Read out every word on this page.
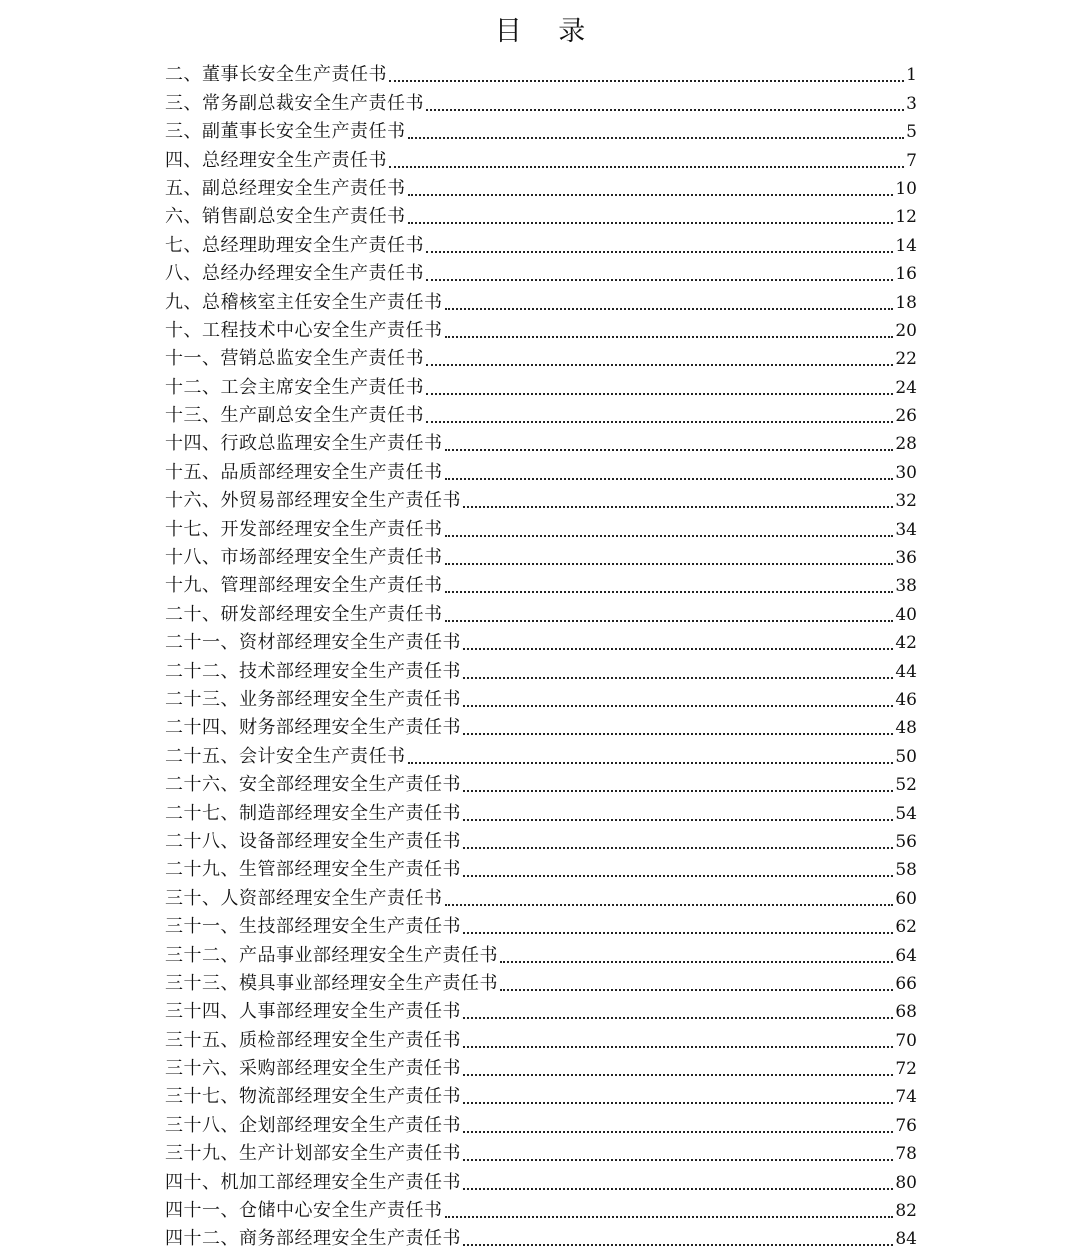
目 录
二、董事长安全生产责任书	1
三、常务副总裁安全生产责任书	3
三、副董事长安全生产责任书	5
四、总经理安全生产责任书	7
五、副总经理安全生产责任书	10
六、销售副总安全生产责任书	12
七、总经理助理安全生产责任书	14
八、总经办经理安全生产责任书	16
九、总稽核室主任安全生产责任书	18
十、工程技术中心安全生产责任书	20
十一、营销总监安全生产责任书	22
十二、工会主席安全生产责任书	24
十三、生产副总安全生产责任书	26
十四、行政总监理安全生产责任书	28
十五、品质部经理安全生产责任书	30
十六、外贸易部经理安全生产责任书	32
十七、开发部经理安全生产责任书	34
十八、市场部经理安全生产责任书	36
十九、管理部经理安全生产责任书	38
二十、研发部经理安全生产责任书	40
二十一、资材部经理安全生产责任书	42
二十二、技术部经理安全生产责任书	44
二十三、业务部经理安全生产责任书	46
二十四、财务部经理安全生产责任书	48
二十五、会计安全生产责任书	50
二十六、安全部经理安全生产责任书	52
二十七、制造部经理安全生产责任书	54
二十八、设备部经理安全生产责任书	56
二十九、生管部经理安全生产责任书	58
三十、人资部经理安全生产责任书	60
三十一、生技部经理安全生产责任书	62
三十二、产品事业部经理安全生产责任书	64
三十三、模具事业部经理安全生产责任书	66
三十四、人事部经理安全生产责任书	68
三十五、质检部经理安全生产责任书	70
三十六、采购部经理安全生产责任书	72
三十七、物流部经理安全生产责任书	74
三十八、企划部经理安全生产责任书	76
三十九、生产计划部安全生产责任书	78
四十、机加工部经理安全生产责任书	80
四十一、仓储中心安全生产责任书	82
四十二、商务部经理安全生产责任书	84
